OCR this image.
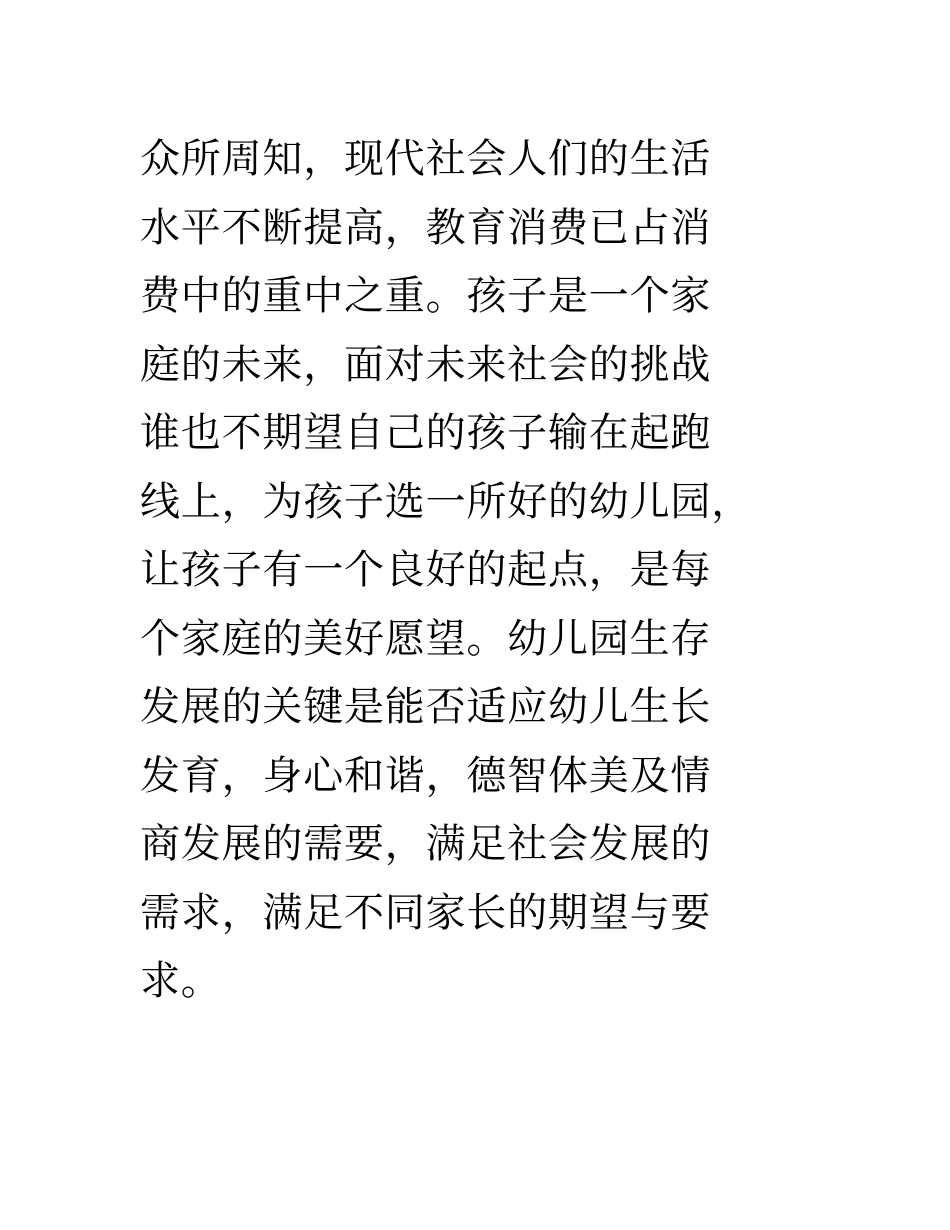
众所周知，现代社会人们的生活
水平不断提高，教育消费已占消
费中的重中之重。孩子是一个家
庭的未来，面对未来社会的挑战
谁也不期望自己的孩子输在起跑
线上，为孩子选一所好的幼儿园，
让孩子有一个良好的起点，是每
个家庭的美好愿望。幼儿园生存
发展的关键是能否适应幼儿生长
发育，身心和谐，德智体美及情
商发展的需要，满足社会发展的
需求，满足不同家长的期望与要
求。
